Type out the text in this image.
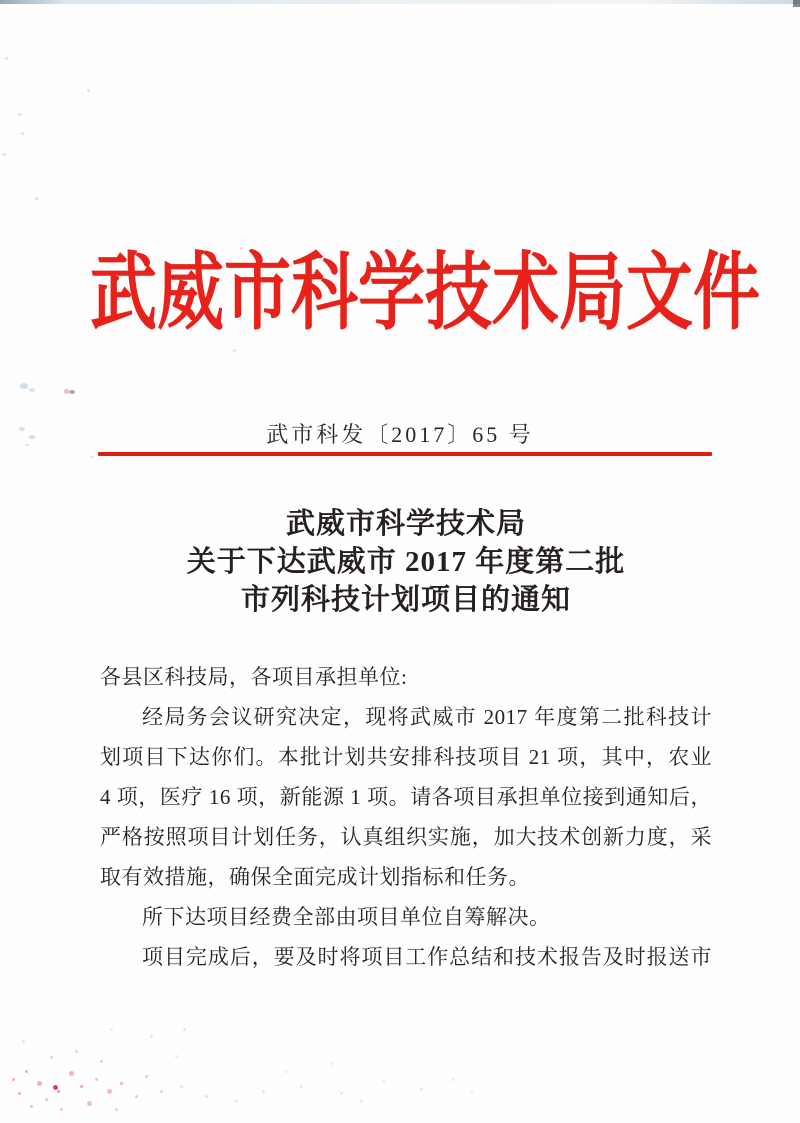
武威市科学技术局文件
武市科发〔2017〕65 号
武威市科学技术局
关于下达武威市 2017 年度第二批
市列科技计划项目的通知
各县区科技局，各项目承担单位:
经局务会议研究决定，现将武威市 2017 年度第二批科技计
划项目下达你们。本批计划共安排科技项目 21 项，其中，农业
4 项，医疗 16 项，新能源 1 项。请各项目承担单位接到通知后，
严格按照项目计划任务，认真组织实施，加大技术创新力度，采
取有效措施，确保全面完成计划指标和任务。
所下达项目经费全部由项目单位自筹解决。
项目完成后，要及时将项目工作总结和技术报告及时报送市
